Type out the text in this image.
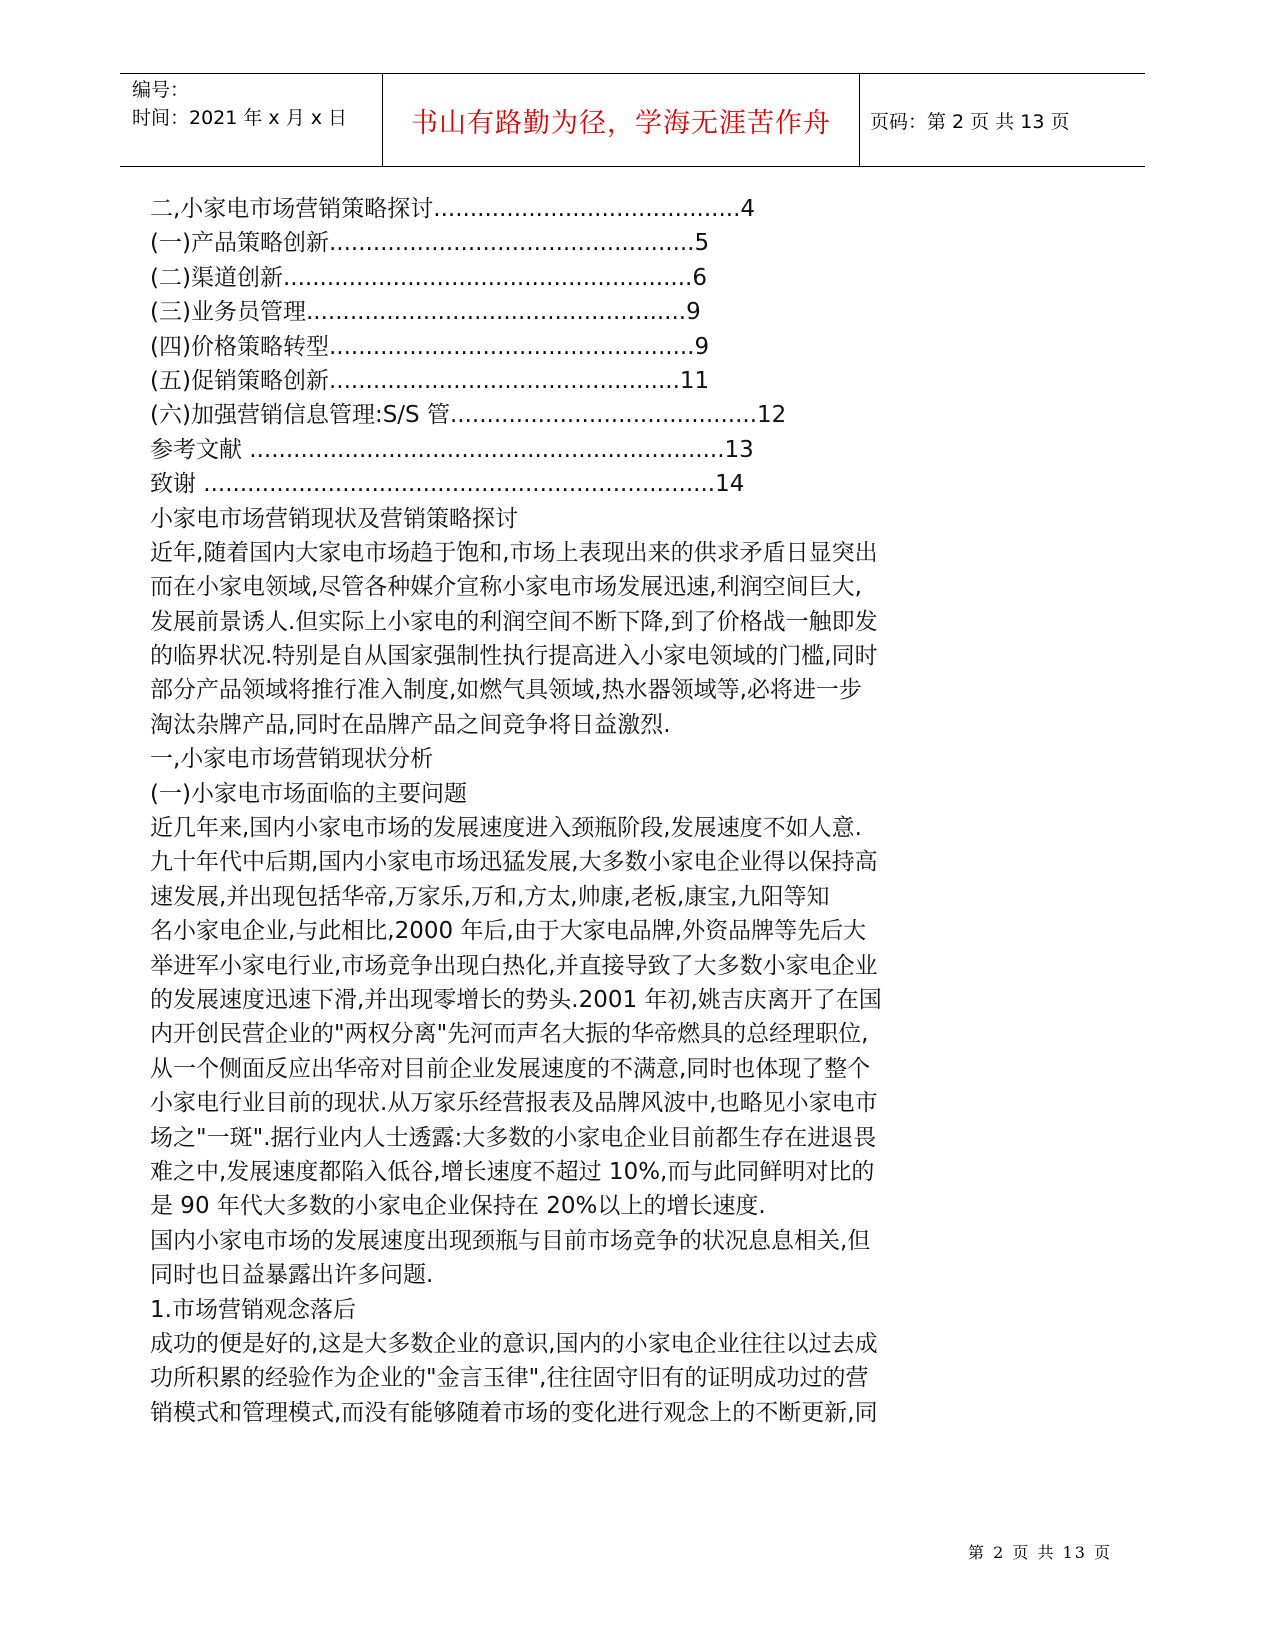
编号：
时间：2021 年 x 月 x 日	书山有路勤为径，学海无涯苦作舟	页码：第 2 页 共 13 页
二,小家电市场营销策略探讨..........................................4
(一)产品策略创新..................................................5
(二)渠道创新........................................................6
(三)业务员管理....................................................9
(四)价格策略转型..................................................9
(五)促销策略创新................................................11
(六)加强营销信息管理:S/S 管..........................................12
参考文献 .................................................................13
致谢 ......................................................................14
小家电市场营销现状及营销策略探讨
近年,随着国内大家电市场趋于饱和,市场上表现出来的供求矛盾日显突出
而在小家电领域,尽管各种媒介宣称小家电市场发展迅速,利润空间巨大,
发展前景诱人.但实际上小家电的利润空间不断下降,到了价格战一触即发
的临界状况.特别是自从国家强制性执行提高进入小家电领域的门槛,同时
部分产品领域将推行准入制度,如燃气具领域,热水器领域等,必将进一步
淘汰杂牌产品,同时在品牌产品之间竞争将日益激烈.
一,小家电市场营销现状分析
(一)小家电市场面临的主要问题
近几年来,国内小家电市场的发展速度进入颈瓶阶段,发展速度不如人意.
九十年代中后期,国内小家电市场迅猛发展,大多数小家电企业得以保持高
速发展,并出现包括华帝,万家乐,万和,方太,帅康,老板,康宝,九阳等知
名小家电企业,与此相比,2000 年后,由于大家电品牌,外资品牌等先后大
举进军小家电行业,市场竞争出现白热化,并直接导致了大多数小家电企业
的发展速度迅速下滑,并出现零增长的势头.2001 年初,姚吉庆离开了在国
内开创民营企业的"两权分离"先河而声名大振的华帝燃具的总经理职位,
从一个侧面反应出华帝对目前企业发展速度的不满意,同时也体现了整个
小家电行业目前的现状.从万家乐经营报表及品牌风波中,也略见小家电市
场之"一斑".据行业内人士透露:大多数的小家电企业目前都生存在进退畏
难之中,发展速度都陷入低谷,增长速度不超过 10%,而与此同鲜明对比的
是 90 年代大多数的小家电企业保持在 20%以上的增长速度.
国内小家电市场的发展速度出现颈瓶与目前市场竞争的状况息息相关,但
同时也日益暴露出许多问题.
1.市场营销观念落后
成功的便是好的,这是大多数企业的意识,国内的小家电企业往往以过去成
功所积累的经验作为企业的"金言玉律",往往固守旧有的证明成功过的营
销模式和管理模式,而没有能够随着市场的变化进行观念上的不断更新,同
第 2 页 共 13 页
